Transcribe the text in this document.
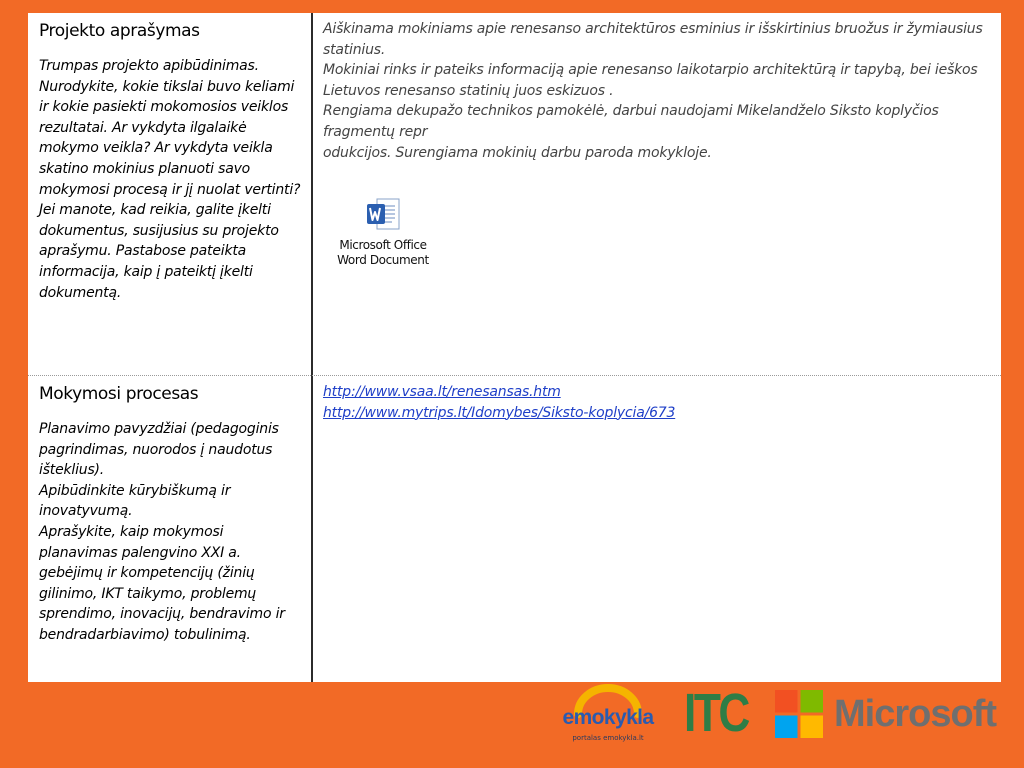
Projekto aprašymas
Trumpas projekto apibūdinimas. Nurodykite, kokie tikslai buvo keliami ir kokie pasiekti mokomosios veiklos rezultatai. Ar vykdyta ilgalaikė mokymo veikla? Ar vykdyta veikla skatino mokinius planuoti savo mokymosi procesą ir jį nuolat vertinti?
Jei manote, kad reikia, galite įkelti dokumentus, susijusius su projekto aprašymu. Pastabose pateikta informacija, kaip į pateiktį įkelti dokumentą.
Aiškinama mokiniams apie renesanso architektūros esminius ir išskirtinius bruožus ir žymiausius statinius.
Mokiniai rinks ir pateiks informaciją apie renesanso laikotarpio architektūrą ir tapybą, bei ieškos Lietuvos renesanso statinių juos eskizuos .
Rengiama dekupažo technikos pamokėlė, darbui naudojami Mikelandželo Siksto koplyčios fragmentų repr
odukcijos. Surengiama mokinių darbu paroda mokykloje.
Microsoft Office
Word Document
Mokymosi procesas
Planavimo pavyzdžiai (pedagoginis pagrindimas, nuorodos į naudotus išteklius).
Apibūdinkite kūrybiškumą ir inovatyvumą.
Aprašykite, kaip mokymosi planavimas palengvino XXI a. gebėjimų ir kompetencijų (žinių gilinimo, IKT taikymo, problemų sprendimo, inovacijų, bendravimo ir bendradarbiavimo) tobulinimą.
http://www.vsaa.lt/renesansas.htm
http://www.mytrips.lt/Idomybes/Siksto-koplycia/673
emokykla
portalas emokykla.lt ITC Microsoft
